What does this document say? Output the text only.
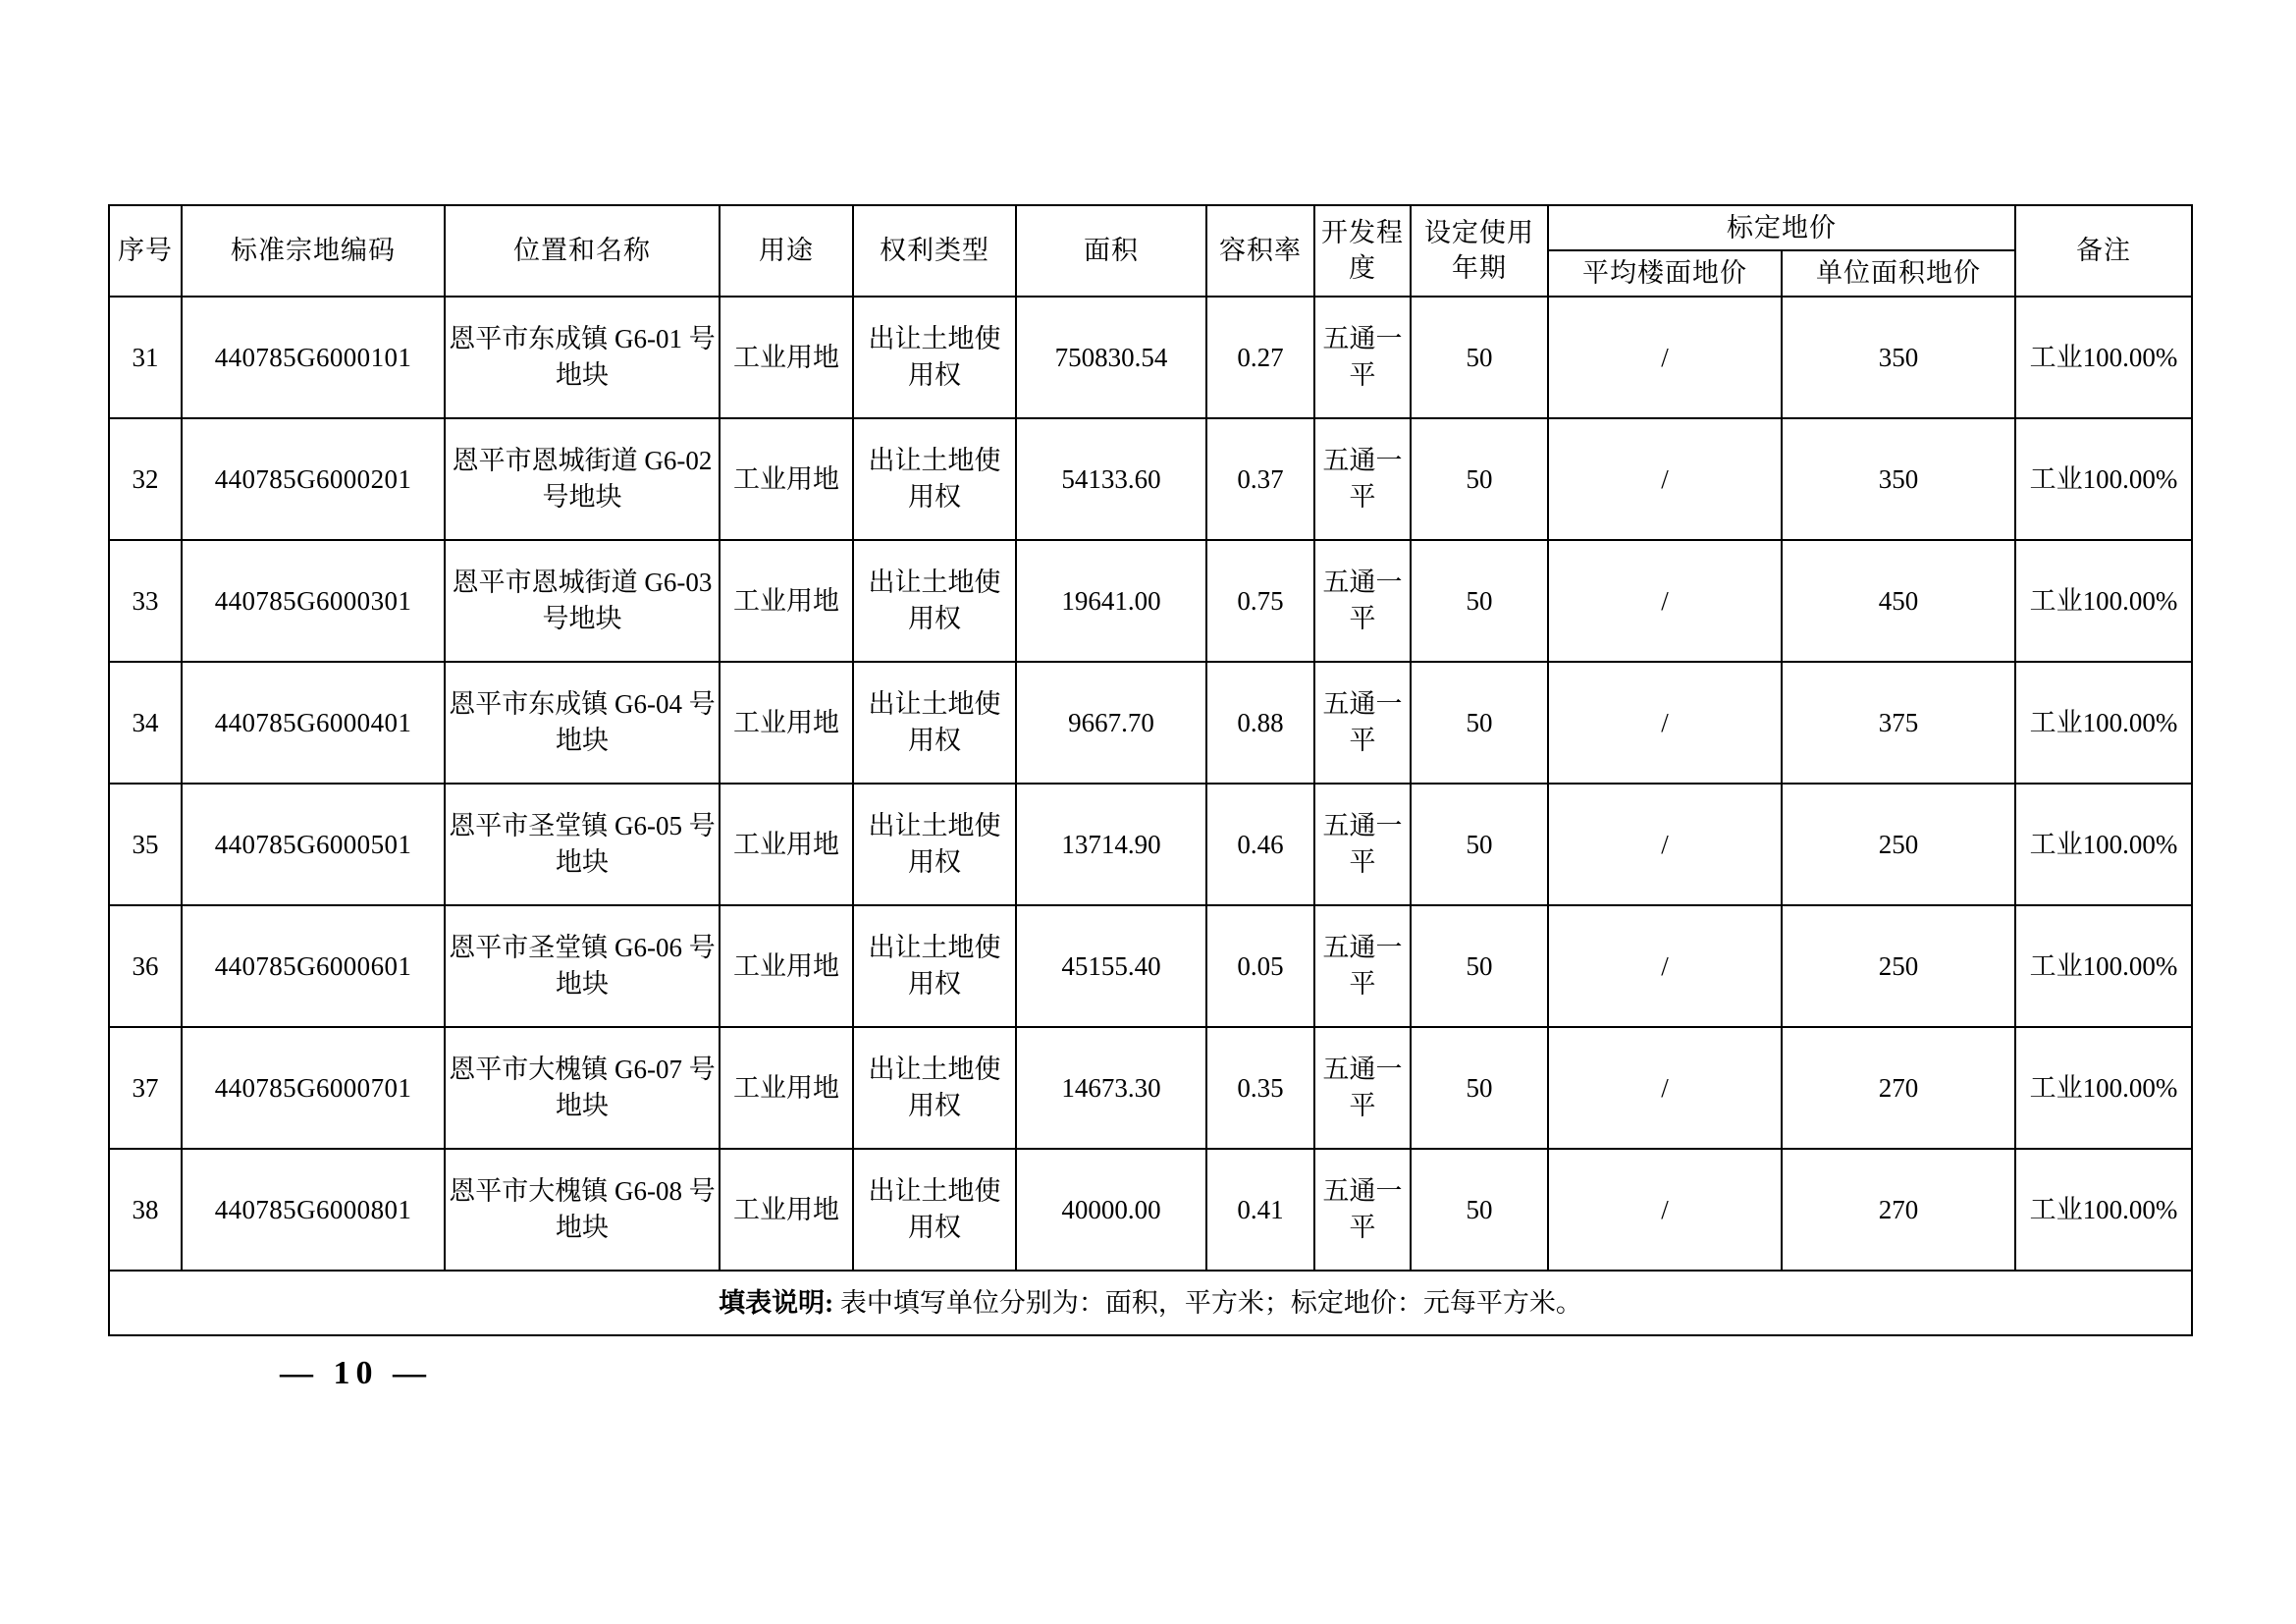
序号	标准宗地编码	位置和名称	用途	权利类型	面积	容积率	开发程度	设定使用年期	标定地价		备注
									平均楼面地价	单位面积地价	
31	440785G6000101	恩平市东成镇 G6-01 号地块	工业用地	出让土地使用权	750830.54	0.27	五通一平	50	/	350	工业100.00%
32	440785G6000201	恩平市恩城街道 G6-02 号地块	工业用地	出让土地使用权	54133.60	0.37	五通一平	50	/	350	工业100.00%
33	440785G6000301	恩平市恩城街道 G6-03 号地块	工业用地	出让土地使用权	19641.00	0.75	五通一平	50	/	450	工业100.00%
34	440785G6000401	恩平市东成镇 G6-04 号地块	工业用地	出让土地使用权	9667.70	0.88	五通一平	50	/	375	工业100.00%
35	440785G6000501	恩平市圣堂镇 G6-05 号地块	工业用地	出让土地使用权	13714.90	0.46	五通一平	50	/	250	工业100.00%
36	440785G6000601	恩平市圣堂镇 G6-06 号地块	工业用地	出让土地使用权	45155.40	0.05	五通一平	50	/	250	工业100.00%
37	440785G6000701	恩平市大槐镇 G6-07 号地块	工业用地	出让土地使用权	14673.30	0.35	五通一平	50	/	270	工业100.00%
38	440785G6000801	恩平市大槐镇 G6-08 号地块	工业用地	出让土地使用权	40000.00	0.41	五通一平	50	/	270	工业100.00%
填表说明: 表中填写单位分别为：面积，平方米；标定地价：元每平方米。											
— 10 —
